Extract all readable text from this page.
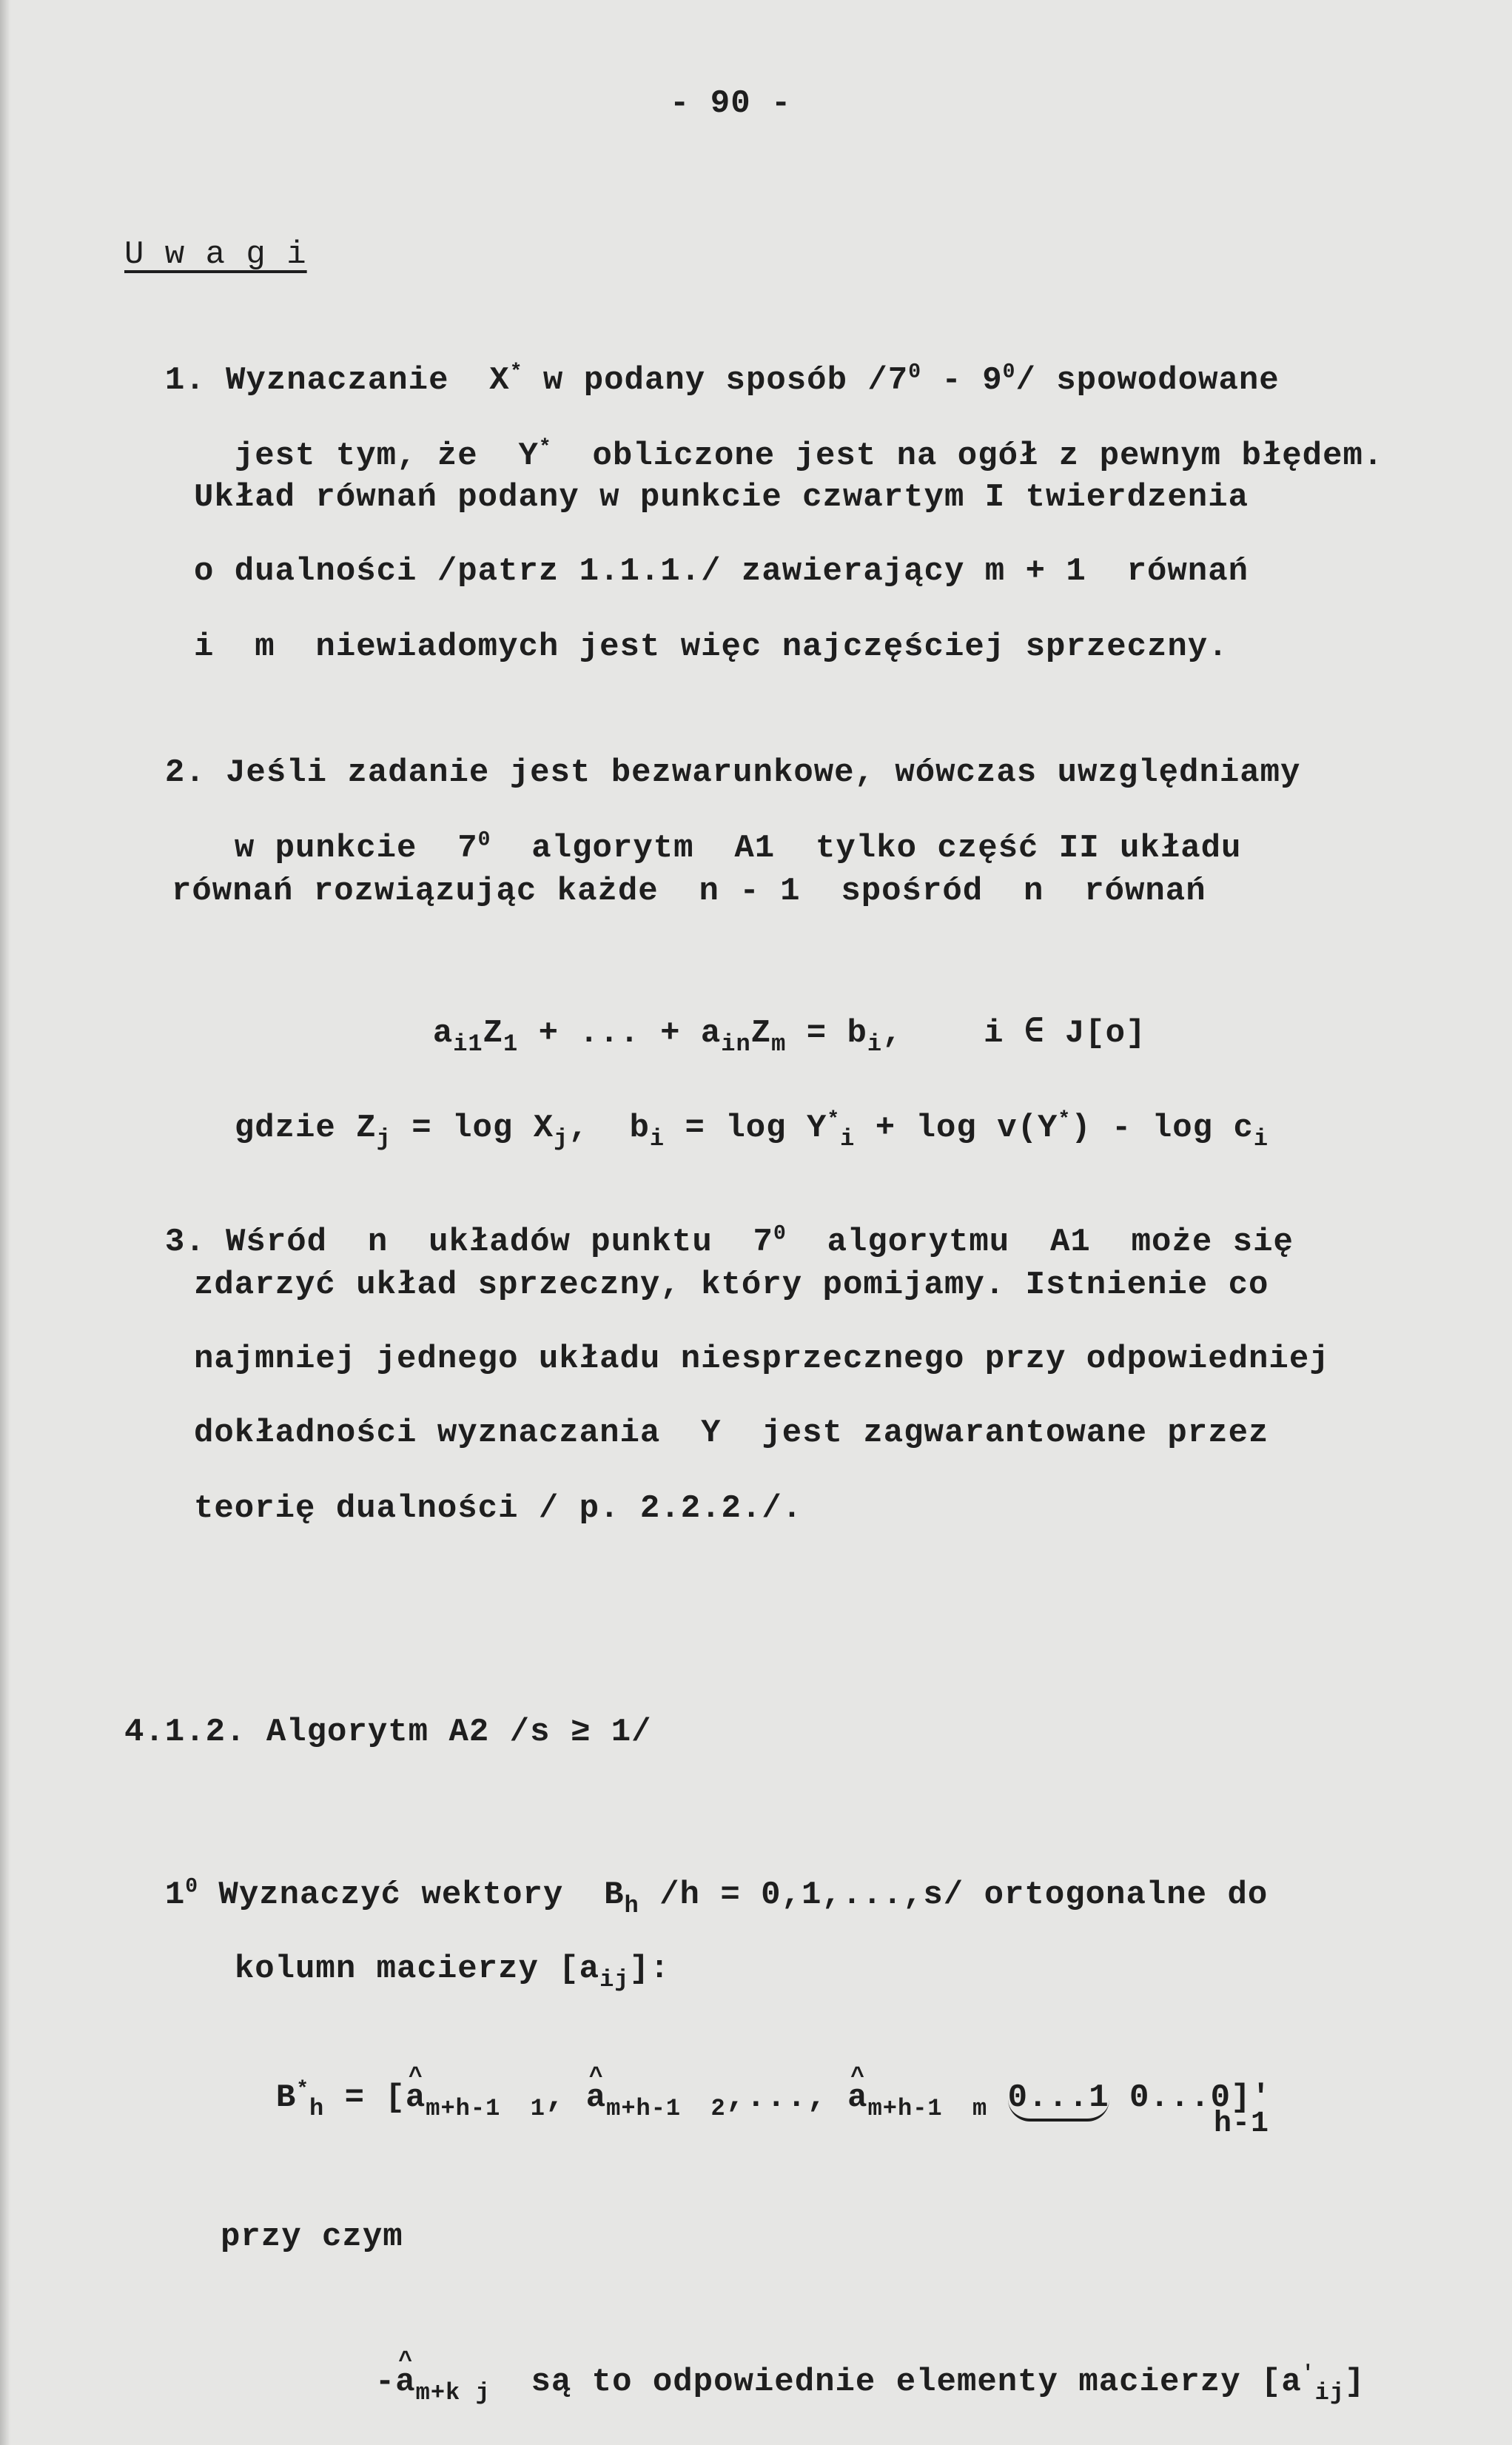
- 90 -
U w a g i

1. Wyznaczanie  X* w podany sposób $/7^0 - 9^0/$ spowodowane

jest tym, że  Y*  obliczone jest na ogół z pewnym błędem.

Układ równań podany w punkcie czwartym I twierdzenia
o dualności /patrz 1.1.1./ zawierający m + 1  równań
i  m  niewiadomych jest więc najczęściej sprzeczny.

2. Jeśli zadanie jest bezwarunkowe, wówczas uwzględniamy

w punkcie  $7^0$  algorytm  A1  tylko część II układu

równań rozwiązując każde  n - 1  spośród  n  równań

$a_{i1}Z_1$ + ... + $a_{in}Z_m = b_i$,    i ∈ J[o]

gdzie $Z_j = \log X_j$,  $b_i = \log Y^*_i + \log v(Y^*) - \log c_i$

3. Wśród  n  układów punktu  $7^0$  algorytmu  A1  może się

zdarzyć układ sprzeczny, który pomijamy. Istnienie co
najmniej jednego układu niesprzecznego przy odpowiedniej
dokładności wyznaczania  Y  jest zagwarantowane przez
teorię dualności / p. 2.2.2./.
4.1.2. Algorytm A2 /s ≥ 1/

$1^0$ Wyznaczyć wektory  $B_h$ /h = 0,1,...,s/ ortogonalne do

kolumn macierzy $[a_{ij}]$:

$B^*_h$ = [^ $a_{m+h-1 1}$, ^ $a_{m+h-1 2}$,..., ^ $a_{m+h-1 m}$ 0...1 0...0]'

h-1
przy czym

-^ $a_{m+k j}$  są to odpowiednie elementy macierzy $[a'_{ij}]$
